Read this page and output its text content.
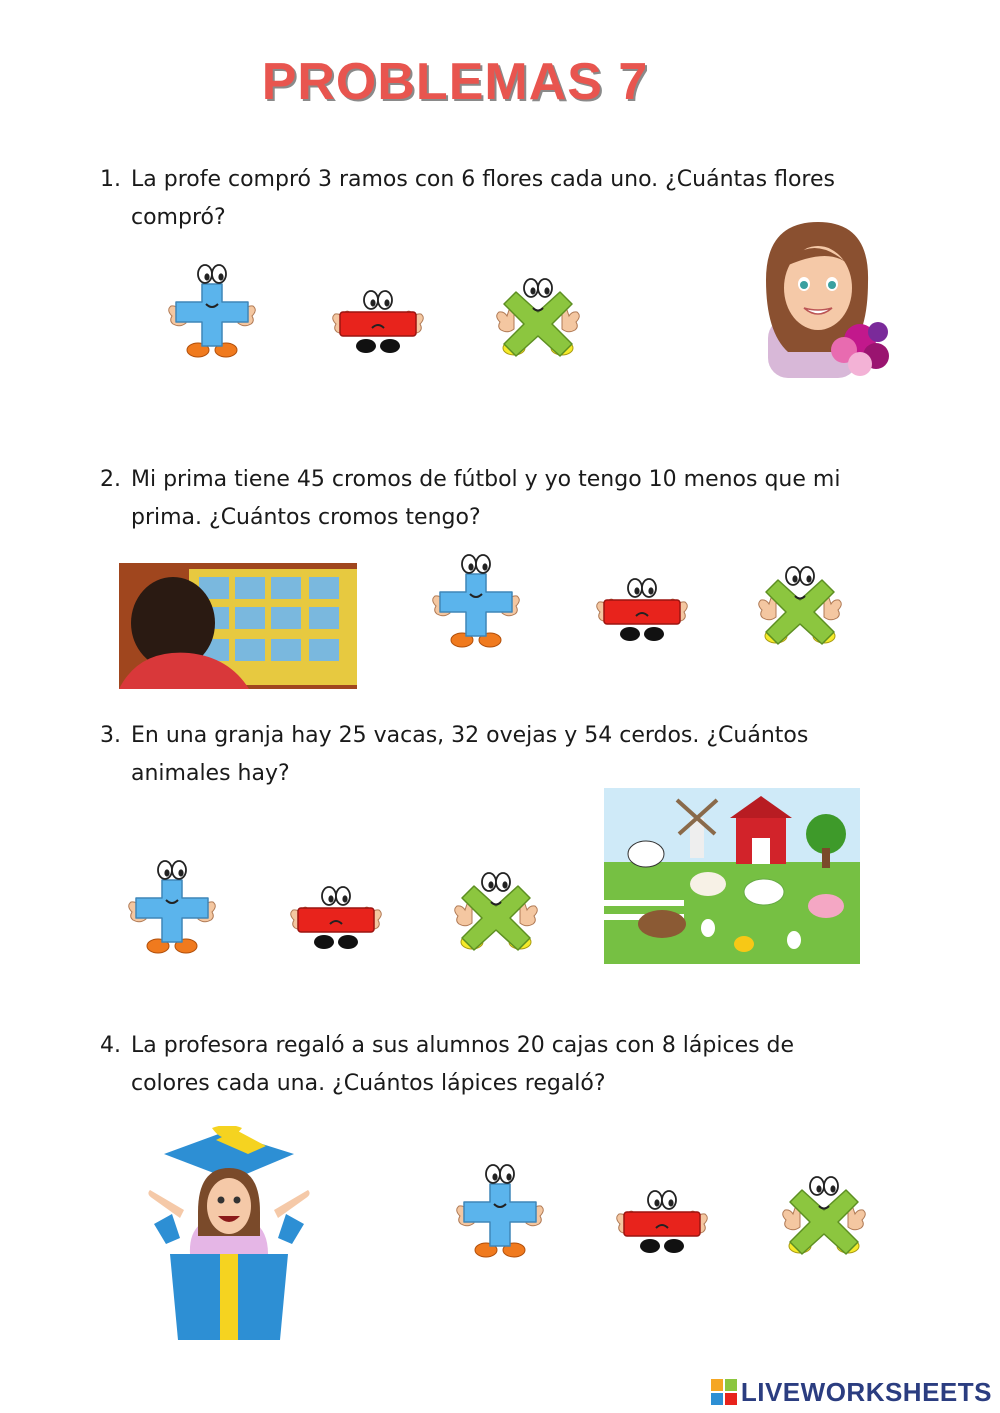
PROBLEMAS 7
1. La profe compró 3 ramos con 6 flores cada uno. ¿Cuántas flores compró?
2. Mi prima tiene 45 cromos de fútbol y yo tengo 10 menos que mi prima. ¿Cuántos cromos tengo?
3. En una granja hay 25 vacas, 32 ovejas y 54 cerdos. ¿Cuántos animales hay?
4. La profesora regaló a sus alumnos 20 cajas con 8 lápices de colores cada una. ¿Cuántos lápices regaló?
LIVEWORKSHEETS
